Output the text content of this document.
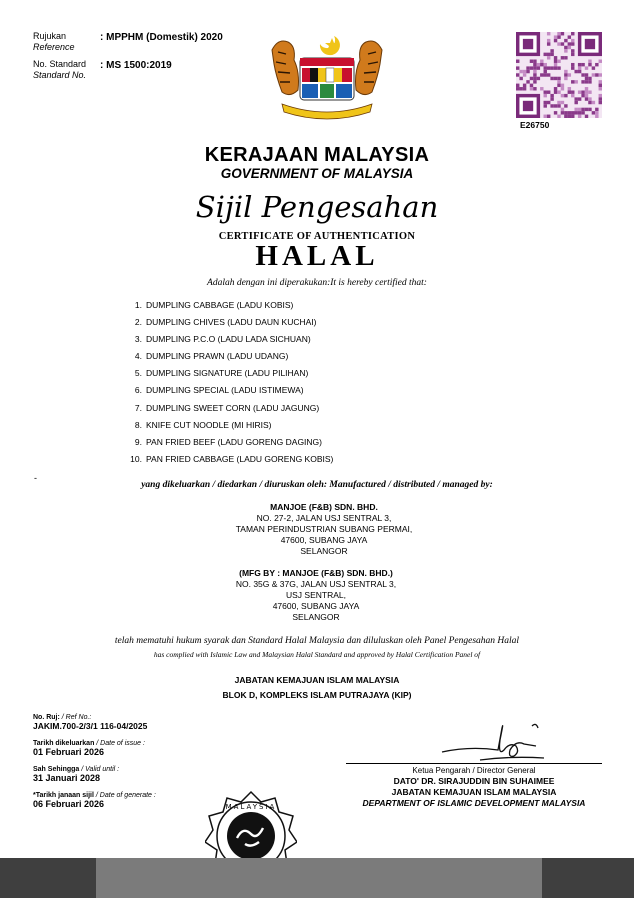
Rujukan
Reference
: MPPHM (Domestik) 2020
No. Standard
Standard No.
: MS 1500:2019
E26750
KERAJAAN MALAYSIA
GOVERNMENT OF MALAYSIA
Sijil Pengesahan
CERTIFICATE OF AUTHENTICATION
HALAL
Adalah dengan ini diperakukan:It is hereby certified that:
1. DUMPLING CABBAGE (LADU KOBIS)
2. DUMPLING CHIVES (LADU DAUN KUCHAI)
3. DUMPLING P.C.O (LADU LADA SICHUAN)
4. DUMPLING PRAWN (LADU UDANG)
5. DUMPLING SIGNATURE (LADU PILIHAN)
6. DUMPLING SPECIAL (LADU ISTIMEWA)
7. DUMPLING SWEET CORN (LADU JAGUNG)
8. KNIFE CUT NOODLE (MI HIRIS)
9. PAN FRIED BEEF (LADU GORENG DAGING)
10. PAN FRIED CABBAGE (LADU GORENG KOBIS)
-
yang dikeluarkan / diedarkan / diuruskan oleh: Manufactured / distributed / managed by:
MANJOE (F&B) SDN. BHD.
NO. 27-2, JALAN USJ SENTRAL 3,
TAMAN PERINDUSTRIAN SUBANG PERMAI,
47600, SUBANG JAYA
SELANGOR
(MFG BY : MANJOE (F&B) SDN. BHD.)
NO. 35G & 37G, JALAN USJ SENTRAL 3,
USJ SENTRAL,
47600, SUBANG JAYA
SELANGOR
telah mematuhi hukum syarak dan Standard Halal Malaysia dan diluluskan oleh Panel Pengesahan Halal
has complied with Islamic Law and Malaysian Halal Standard and approved by Halal Certification Panel of
JABATAN KEMAJUAN ISLAM MALAYSIA
BLOK D, KOMPLEKS ISLAM PUTRAJAYA (KIP)
No. Ruj: / Ref No.:
JAKIM.700-2/3/1 116-04/2025
Tarikh dikeluarkan / Date of issue :
01 Februari 2026
Sah Sehingga / Valid until :
31 Januari 2028
*Tarikh janaan sijil / Date of generate :
06 Februari 2026
Ketua Pengarah / Director General
DATO' DR. SIRAJUDDIN BIN SUHAIMEE
JABATAN KEMAJUAN ISLAM MALAYSIA
DEPARTMENT OF ISLAMIC DEVELOPMENT MALAYSIA
MALAYSIA
